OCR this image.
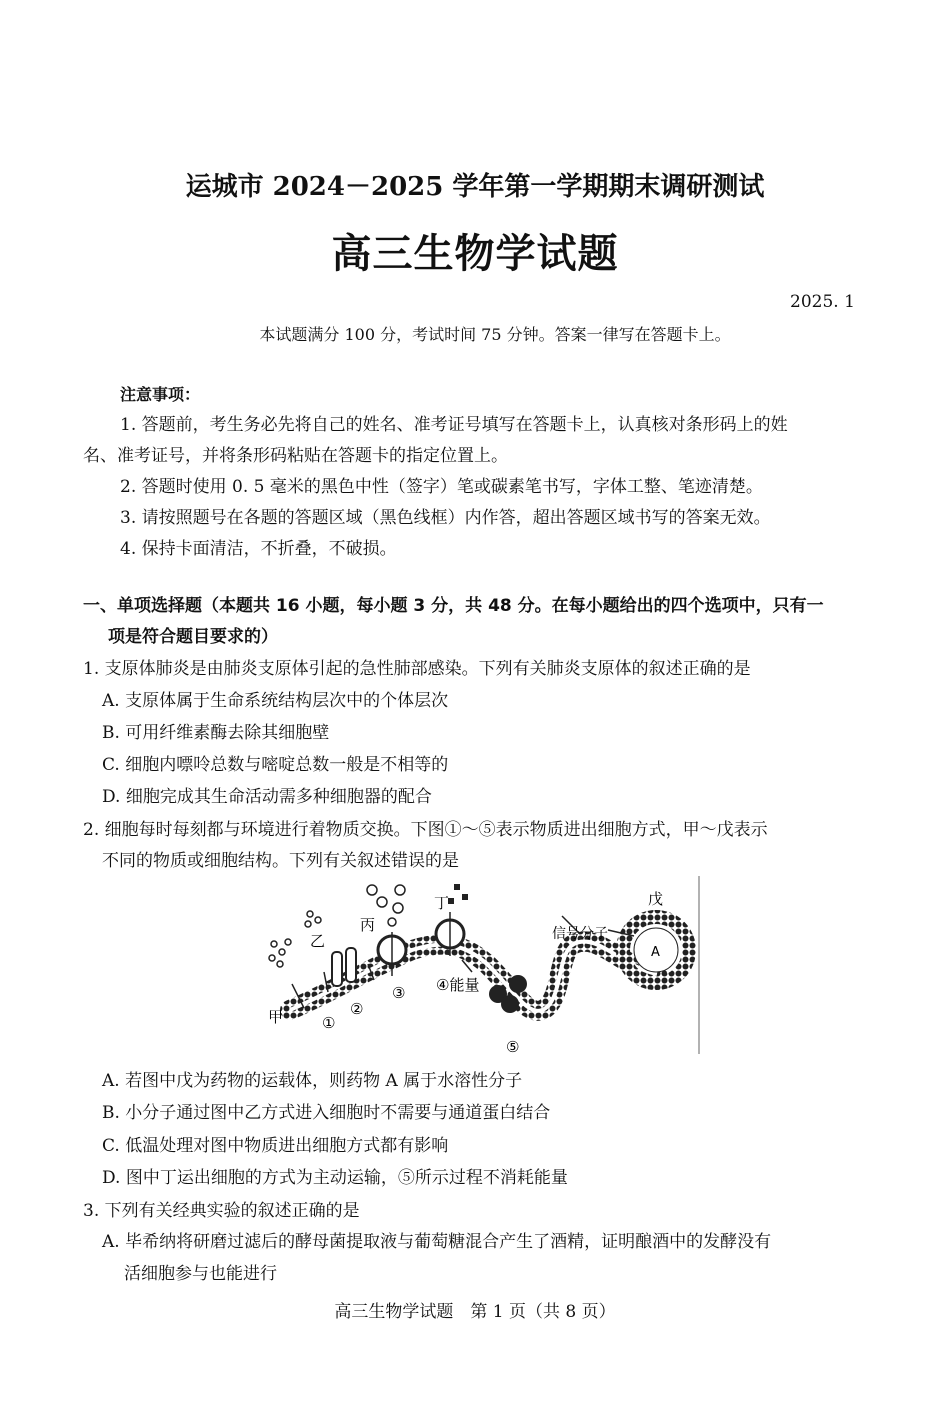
运城市 2024－2025 学年第一学期期末调研测试
高三生物学试题
2025. 1
本试题满分 100 分，考试时间 75 分钟。答案一律写在答题卡上。
注意事项：
1. 答题前，考生务必先将自己的姓名、准考证号填写在答题卡上，认真核对条形码上的姓
名、准考证号，并将条形码粘贴在答题卡的指定位置上。
2. 答题时使用 0. 5 毫米的黑色中性（签字）笔或碳素笔书写，字体工整、笔迹清楚。
3. 请按照题号在各题的答题区域（黑色线框）内作答，超出答题区域书写的答案无效。
4. 保持卡面清洁，不折叠，不破损。
一、单项选择题（本题共 16 小题，每小题 3 分，共 48 分。在每小题给出的四个选项中，只有一
项是符合题目要求的）
1. 支原体肺炎是由肺炎支原体引起的急性肺部感染。下列有关肺炎支原体的叙述正确的是
A. 支原体属于生命系统结构层次中的个体层次
B. 可用纤维素酶去除其细胞壁
C. 细胞内嘌呤总数与嘧啶总数一般是不相等的
D. 细胞完成其生命活动需多种细胞器的配合
2. 细胞每时每刻都与环境进行着物质交换。下图①～⑤表示物质进出细胞方式，甲～戊表示
不同的物质或细胞结构。下列有关叙述错误的是
甲
乙
丙
丁	戊
信号分子
A
④能量
①
②
③
⑤
A. 若图中戊为药物的运载体，则药物 A 属于水溶性分子
B. 小分子通过图中乙方式进入细胞时不需要与通道蛋白结合
C. 低温处理对图中物质进出细胞方式都有影响
D. 图中丁运出细胞的方式为主动运输，⑤所示过程不消耗能量
3. 下列有关经典实验的叙述正确的是
A. 毕希纳将研磨过滤后的酵母菌提取液与葡萄糖混合产生了酒精，证明酿酒中的发酵没有
活细胞参与也能进行
高三生物学试题　第 1 页（共 8 页）
